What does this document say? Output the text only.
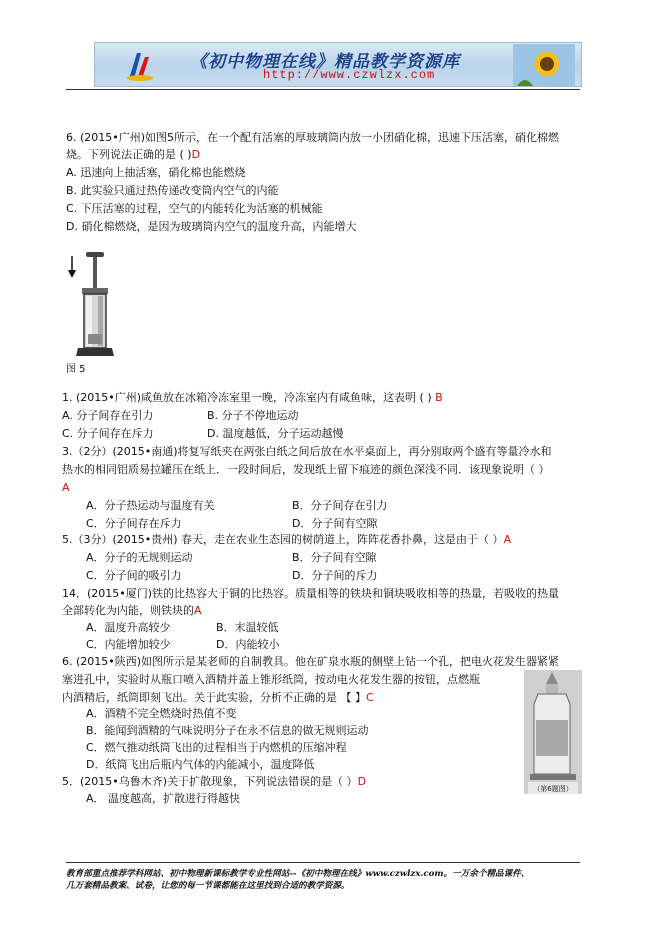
《初中物理在线》精品教学资源库
http://www.czwlzx.com
6. (2015•广州)如图5所示，在一个配有活塞的厚玻璃筒内放一小团硝化棉，迅速下压活塞，硝化棉燃
烧。下列说法正确的是 ( )D
A. 迅速向上抽活塞，硝化棉也能燃烧
B. 此实验只通过热传递改变筒内空气的内能
C. 下压活塞的过程，空气的内能转化为活塞的机械能
D. 硝化棉燃烧，是因为玻璃筒内空气的温度升高，内能增大
图 5
1. (2015•广州)咸鱼放在冰箱冷冻室里一晚，冷冻室内有咸鱼味，这表明 ( ) B
A. 分子间存在引力	B. 分子不停地运动
C. 分子间存在斥力	D. 温度越低，分子运动越慢
3.（2分）(2015•南通)将复写纸夹在两张白纸之间后放在水平桌面上，再分别取两个盛有等量冷水和
热水的相同铝质易拉罐压在纸上．一段时间后，发现纸上留下痕迹的颜色深浅不同．该现象说明（ ）
A
A．分子热运动与温度有关	B．分子间存在引力
C．分子间存在斥力	D．分子间有空隙
5.（3分）(2015•贵州) 春天，走在农业生态园的树荫道上，阵阵花香扑鼻，这是由于（ ）A
A．分子的无规则运动	B．分子间有空隙
C．分子间的吸引力	D．分子间的斥力
14．(2015•厦门)铁的比热容大于铜的比热容。质量相等的铁块和铜块吸收相等的热量，若吸收的热量
全部转化为内能，则铁块的A
A．温度升高较少	B．末温较低
C．内能增加较少	D．内能较小
6. (2015•陕西)如图所示是某老师的自制教具。他在矿泉水瓶的侧壁上钻一个孔，把电火花发生器紧紧
塞进孔中，实验时从瓶口喷入酒精并盖上锥形纸筒，按动电火花发生器的按钮，点燃瓶
内酒精后，纸筒即刻飞出。关于此实验，分析不正确的是 【 】C
A．酒精不完全燃烧时热值不变
B．能闻到酒精的气味说明分子在永不信息的做无规则运动
C．燃气推动纸筒飞出的过程相当于内燃机的压缩冲程
D．纸筒飞出后瓶内气体的内能减小，温度降低
（第6题图）
5．(2015•乌鲁木齐)关于扩散现象，下列说法错误的是（ ）D
A． 温度越高，扩散进行得越快
教育部重点推荐学科网站、初中物理新课标教学专业性网站--《初中物理在线》www.czwlzx.com。一万余个精品课件、
几万套精品教案、试卷，让您的每一节课都能在这里找到合适的教学资源。
